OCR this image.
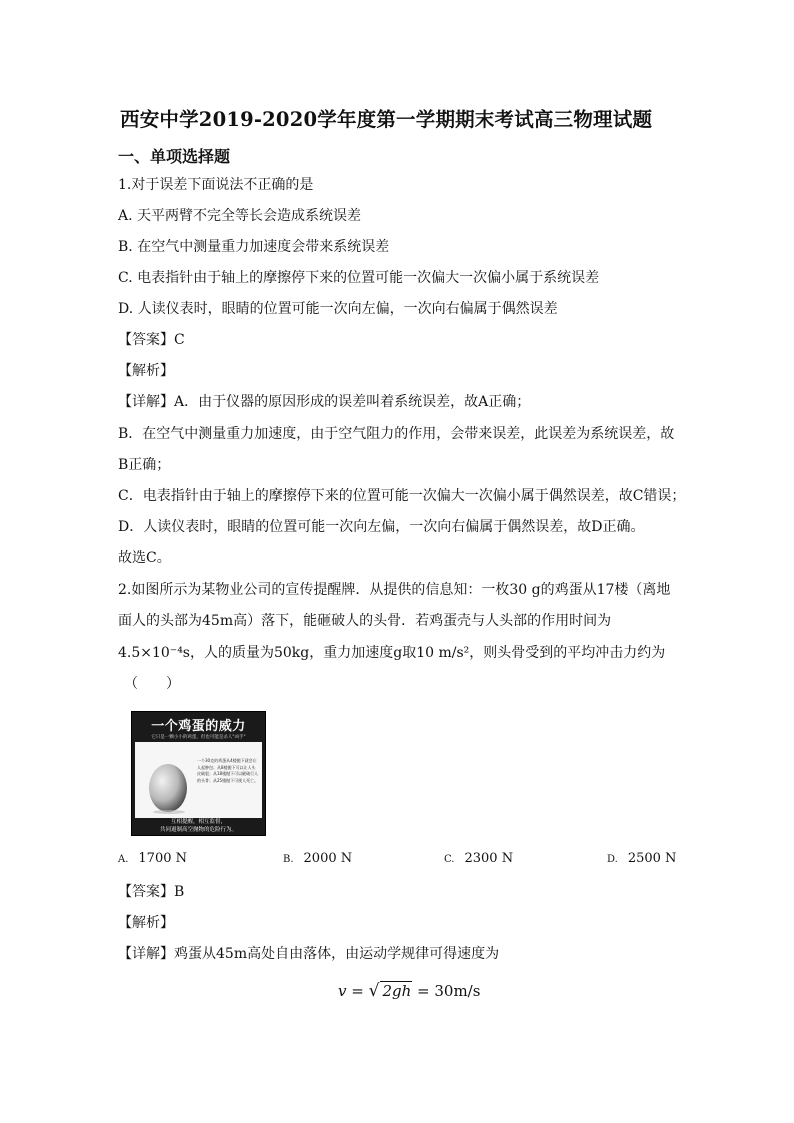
西安中学2019-2020学年度第一学期期末考试高三物理试题
一、单项选择题
1.对于误差下面说法不正确的是
A. 天平两臂不完全等长会造成系统误差
B. 在空气中测量重力加速度会带来系统误差
C. 电表指针由于轴上的摩擦停下来的位置可能一次偏大一次偏小属于系统误差
D. 人读仪表时，眼睛的位置可能一次向左偏，一次向右偏属于偶然误差
【答案】C
【解析】
【详解】A．由于仪器的原因形成的误差叫着系统误差，故A正确；
B．在空气中测量重力加速度，由于空气阻力的作用，会带来误差，此误差为系统误差，故
B正确；
C．电表指针由于轴上的摩擦停下来的位置可能一次偏大一次偏小属于偶然误差，故C错误；
D．人读仪表时，眼睛的位置可能一次向左偏，一次向右偏属于偶然误差，故D正确。
故选C。
2.如图所示为某物业公司的宣传提醒牌．从提供的信息知：一枚30 g的鸡蛋从17楼（离地
面人的头部为45m高）落下，能砸破人的头骨．若鸡蛋壳与人头部的作用时间为
4.5×10⁻⁴s，人的质量为50kg，重力加速度g取10 m/s²，则头骨受到的平均冲击力约为
（　　）
一个鸡蛋的威力
它只是一颗小小的鸡蛋，但也可能是杀人"凶手"
一个30克的鸡蛋从4楼抛下就会让人起肿包；从8楼抛下可以让人头皮破裂；从18楼抛下可以砸破行人的头骨；从25楼抛下可使人死亡。
互相提醒，相互监督，
共同遏制高空抛物的危险行为。
A. 1700 N	B. 2000 N	C. 2300 N	D. 2500 N
【答案】B
【解析】
【详解】鸡蛋从45m高处自由落体，由运动学规律可得速度为
v = √ 2gh = 30m/s
